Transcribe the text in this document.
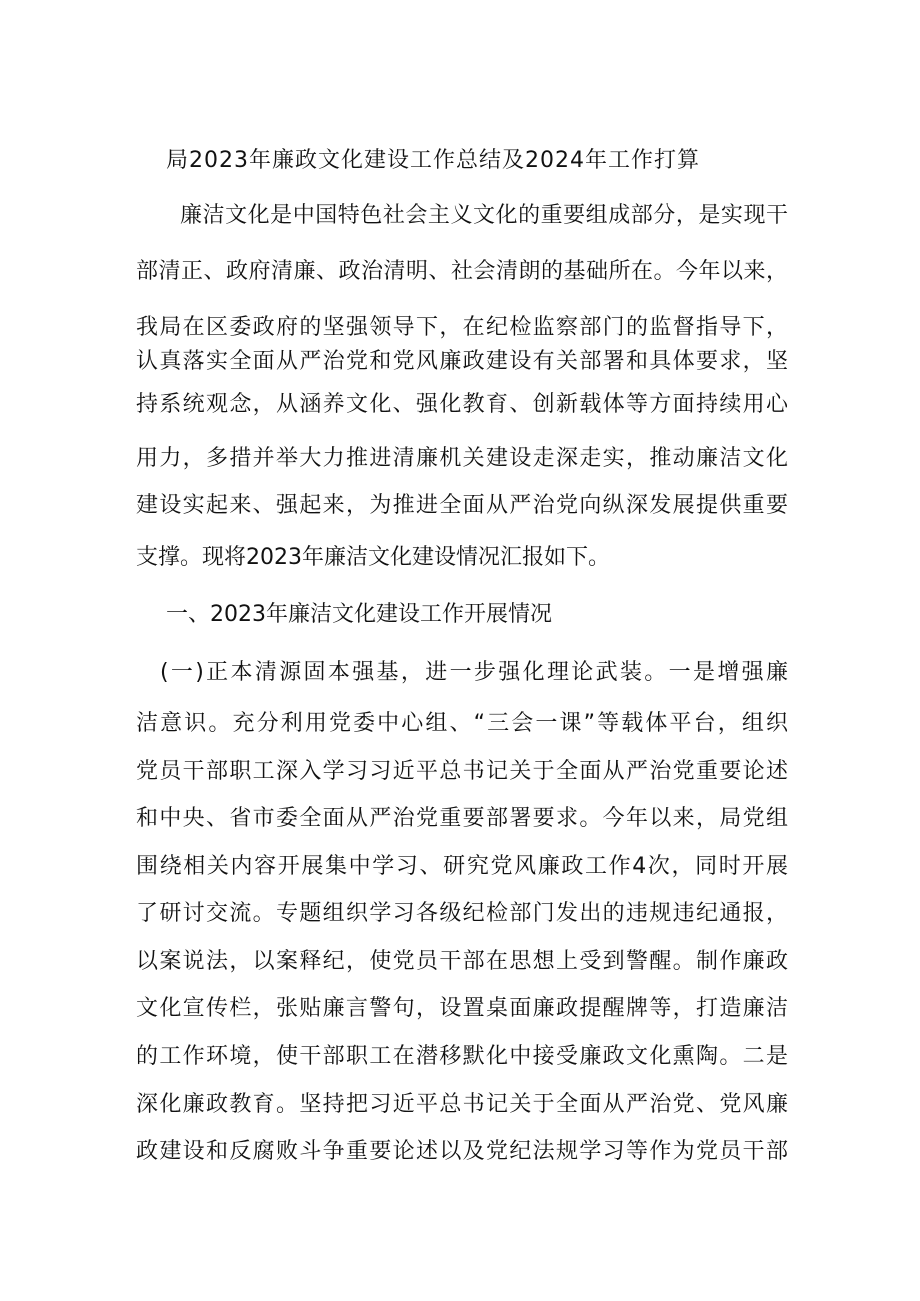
局2023年廉政文化建设工作总结及2024年工作打算
廉洁文化是中国特色社会主义文化的重要组成部分，是实现干
部清正、政府清廉、政治清明、社会清朗的基础所在。今年以来，
我局在区委政府的坚强领导下，在纪检监察部门的监督指导下，
认真落实全面从严治党和党风廉政建设有关部署和具体要求，坚
持系统观念，从涵养文化、强化教育、创新载体等方面持续用心
用力，多措并举大力推进清廉机关建设走深走实，推动廉洁文化
建设实起来、强起来，为推进全面从严治党向纵深发展提供重要
支撑。现将2023年廉洁文化建设情况汇报如下。
一、2023年廉洁文化建设工作开展情况
(一)正本清源固本强基，进一步强化理论武装。一是增强廉
洁意识。充分利用党委中心组、“三会一课”等载体平台，组织
党员干部职工深入学习习近平总书记关于全面从严治党重要论述
和中央、省市委全面从严治党重要部署要求。今年以来，局党组
围绕相关内容开展集中学习、研究党风廉政工作4次，同时开展
了研讨交流。专题组织学习各级纪检部门发出的违规违纪通报，
以案说法，以案释纪，使党员干部在思想上受到警醒。制作廉政
文化宣传栏，张贴廉言警句，设置桌面廉政提醒牌等，打造廉洁
的工作环境，使干部职工在潜移默化中接受廉政文化熏陶。二是
深化廉政教育。坚持把习近平总书记关于全面从严治党、党风廉
政建设和反腐败斗争重要论述以及党纪法规学习等作为党员干部
